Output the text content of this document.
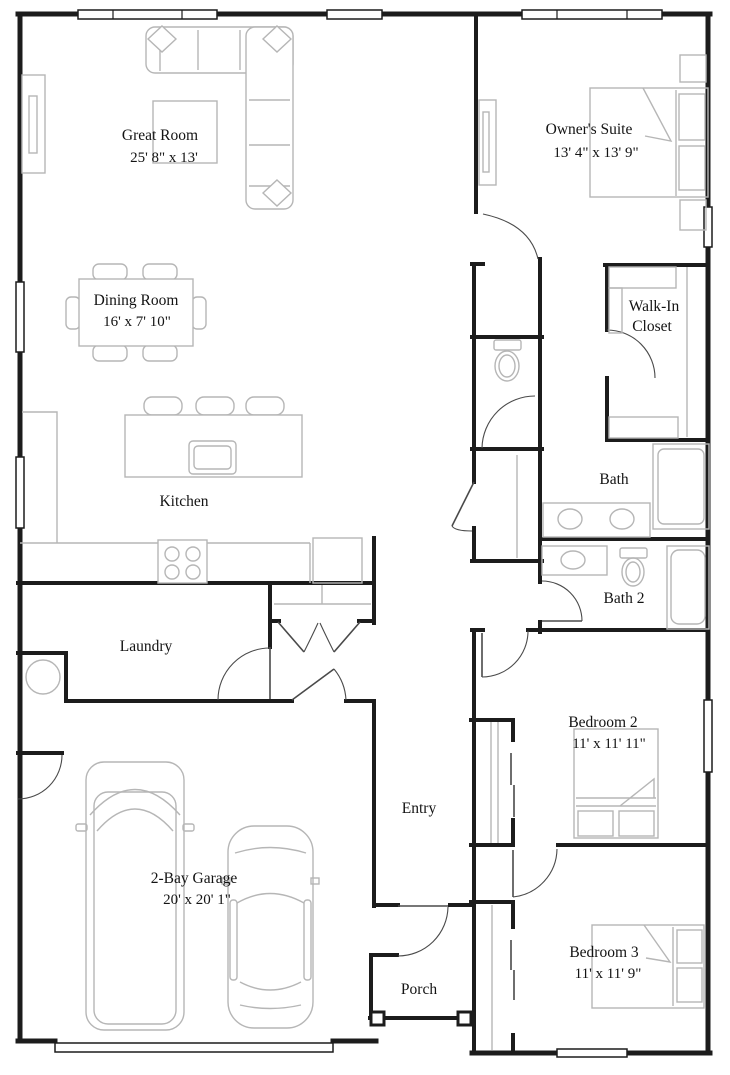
Great Room
25' 8" x 13'
Dining Room
16' x 7' 10"
Kitchen
Laundry
Owner's Suite
13' 4" x 13' 9"
Walk-In
Closet
Bath
Bath 2
Bedroom 2
11' x 11' 11"
Entry
2-Bay Garage
20' x 20' 1"
Bedroom 3
11' x 11' 9"
Porch
